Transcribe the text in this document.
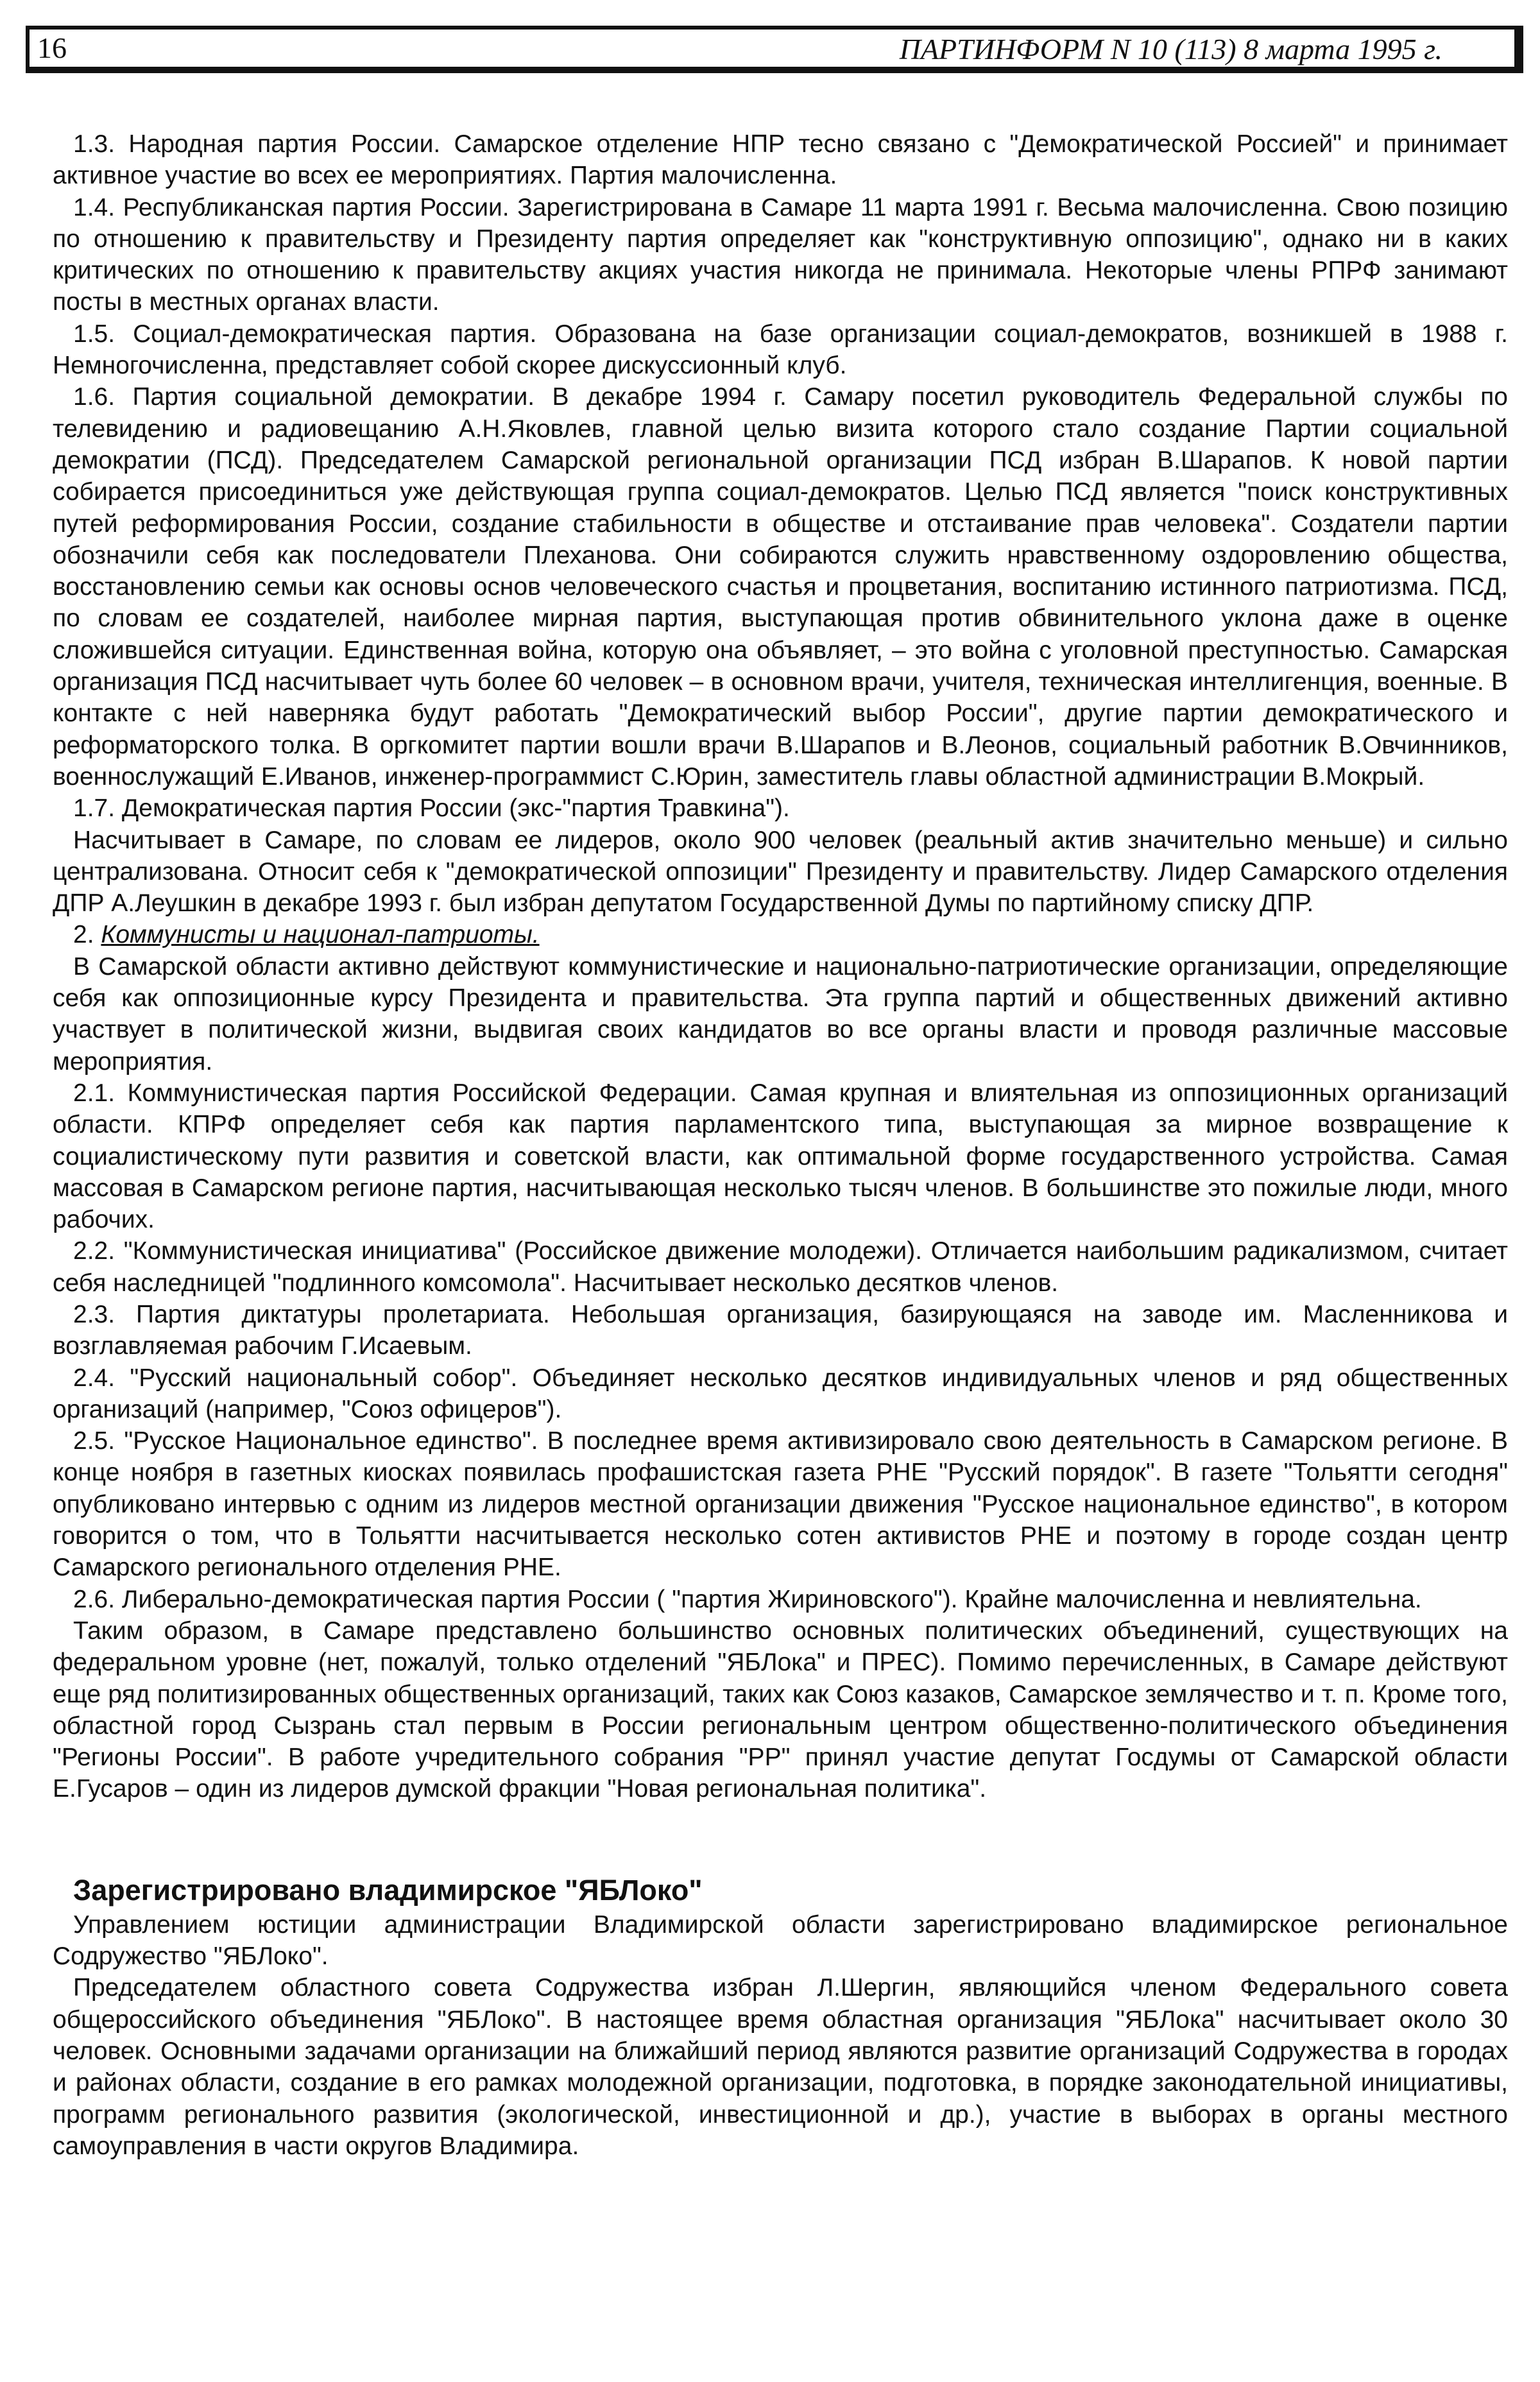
16	ПАРТИНФОРМ N 10 (113) 8 марта 1995 г.

1.3. Народная партия России. Самарское отделение НПР тесно связано с "Демократической Россией" и принимает активное участие во всех ее мероприятиях. Партия малочисленна.

1.4. Республиканская партия России. Зарегистрирована в Самаре 11 марта 1991 г. Весьма малочисленна. Свою позицию по отношению к правительству и Президенту партия определяет как "конструктивную оппозицию", однако ни в каких критических по отношению к правительству акциях участия никогда не принимала. Некоторые члены РПРФ занимают посты в местных органах власти.

1.5. Социал-демократическая партия. Образована на базе организации социал-демократов, возникшей в 1988 г. Немногочисленна, представляет собой скорее дискуссионный клуб.

1.6. Партия социальной демократии. В декабре 1994 г. Самару посетил руководитель Федеральной службы по телевидению и радиовещанию А.Н.Яковлев, главной целью визита которого стало создание Партии социальной демократии (ПСД). Председателем Самарской региональной организации ПСД избран В.Шарапов. К новой партии собирается присоединиться уже действующая группа социал-демократов. Целью ПСД является "поиск конструктивных путей реформирования России, создание стабильности в обществе и отстаивание прав человека". Создатели партии обозначили себя как последователи Плеханова. Они собираются служить нравственному оздоровлению общества, восстановлению семьи как основы основ человеческого счастья и процветания, воспитанию истинного патриотизма. ПСД, по словам ее создателей, наиболее мирная партия, выступающая против обвинительного уклона даже в оценке сложившейся ситуации. Единственная война, которую она объявляет, – это война с уголовной преступностью. Самарская организация ПСД насчитывает чуть более 60 человек – в основном врачи, учителя, техническая интеллигенция, военные. В контакте с ней наверняка будут работать "Демократический выбор России", другие партии демократического и реформаторского толка. В оргкомитет партии вошли врачи В.Шарапов и В.Леонов, социальный работник В.Овчинников, военнослужащий Е.Иванов, инженер-программист С.Юрин, заместитель главы областной администрации В.Мокрый.

1.7. Демократическая партия России (экс-"партия Травкина").

Насчитывает в Самаре, по словам ее лидеров, около 900 человек (реальный актив значительно меньше) и сильно централизована. Относит себя к "демократической оппозиции" Президенту и правительству. Лидер Самарского отделения ДПР А.Леушкин в декабре 1993 г. был избран депутатом Государственной Думы по партийному списку ДПР.

2. Коммунисты и национал-патриоты.

В Самарской области активно действуют коммунистические и национально-патриотические организации, определяющие себя как оппозиционные курсу Президента и правительства. Эта группа партий и общественных движений активно участвует в политической жизни, выдвигая своих кандидатов во все органы власти и проводя различные массовые мероприятия.

2.1. Коммунистическая партия Российской Федерации. Самая крупная и влиятельная из оппозиционных организаций области. КПРФ определяет себя как партия парламентского типа, выступающая за мирное возвращение к социалистическому пути развития и советской власти, как оптимальной форме государственного устройства. Самая массовая в Самарском регионе партия, насчитывающая несколько тысяч членов. В большинстве это пожилые люди, много рабочих.

2.2. "Коммунистическая инициатива" (Российское движение молодежи). Отличается наибольшим радикализмом, считает себя наследницей "подлинного комсомола". Насчитывает несколько десятков членов.

2.3. Партия диктатуры пролетариата. Небольшая организация, базирующаяся на заводе им. Масленникова и возглавляемая рабочим Г.Исаевым.

2.4. "Русский национальный собор". Объединяет несколько десятков индивидуальных членов и ряд общественных организаций (например, "Союз офицеров").

2.5. "Русское Национальное единство". В последнее время активизировало свою деятельность в Самарском регионе. В конце ноября в газетных киосках появилась профашистская газета РНЕ "Русский порядок". В газете "Тольятти сегодня" опубликовано интервью с одним из лидеров местной организации движения "Русское национальное единство", в котором говорится о том, что в Тольятти насчитывается несколько сотен активистов РНЕ и поэтому в городе создан центр Самарского регионального отделения РНЕ.

2.6. Либерально-демократическая партия России ( "партия Жириновского"). Крайне малочисленна и невлиятельна.

Таким образом, в Самаре представлено большинство основных политических объединений, существующих на федеральном уровне (нет, пожалуй, только отделений "ЯБЛока" и ПРЕС). Помимо перечисленных, в Самаре действуют еще ряд политизированных общественных организаций, таких как Союз казаков, Самарское землячество и т. п. Кроме того, областной город Сызрань стал первым в России региональным центром общественно-политического объединения "Регионы России". В работе учредительного собрания "РР" принял участие депутат Госдумы от Самарской области Е.Гусаров – один из лидеров думской фракции "Новая региональная политика".

Зарегистрировано владимирское "ЯБЛоко"

Управлением юстиции администрации Владимирской области зарегистрировано владимирское региональное Содружество "ЯБЛоко".

Председателем областного совета Содружества избран Л.Шергин, являющийся членом Федерального совета общероссийского объединения "ЯБЛоко". В настоящее время областная организация "ЯБЛока" насчитывает около 30 человек. Основными задачами организации на ближайший период являются развитие организаций Содружества в городах и районах области, создание в его рамках молодежной организации, подготовка, в порядке законодательной инициативы, программ регионального развития (экологической, инвестиционной и др.), участие в выборах в органы местного самоуправления в части округов Владимира.
